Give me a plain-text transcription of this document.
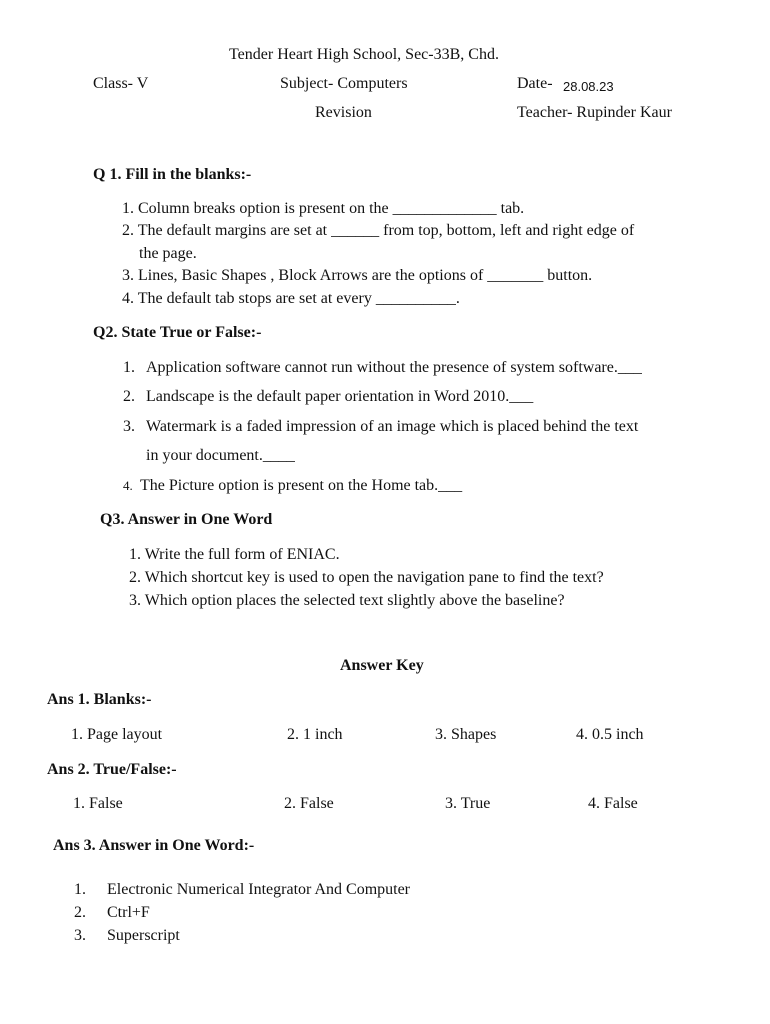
Tender Heart High School, Sec-33B, Chd.
Class- V	Subject- Computers	Date- 28.08.23
Revision	Teacher- Rupinder Kaur
Q 1. Fill in the blanks:-
1. Column breaks option is present on the _____________ tab.
2. The default margins are set at ______ from top, bottom, left and right edge of
the page.
3. Lines, Basic Shapes , Block Arrows are the options of _______ button.
4. The default tab stops are set at every __________.
Q2. State True or False:-
1. Application software cannot run without the presence of system software.___
2. Landscape is the default paper orientation in Word 2010.___
3. Watermark is a faded impression of an image which is placed behind the text
in your document.____
4. The Picture option is present on the Home tab.___
Q3. Answer in One Word
1. Write the full form of ENIAC.
2. Which shortcut key is used to open the navigation pane to find the text?
3. Which option places the selected text slightly above the baseline?
Answer Key
Ans 1. Blanks:-
1. Page layout	2. 1 inch	3. Shapes	4. 0.5 inch
Ans 2. True/False:-
1. False	2. False	3. True	4. False
Ans 3. Answer in One Word:-
1. Electronic Numerical Integrator And Computer
2. Ctrl+F
3. Superscript
